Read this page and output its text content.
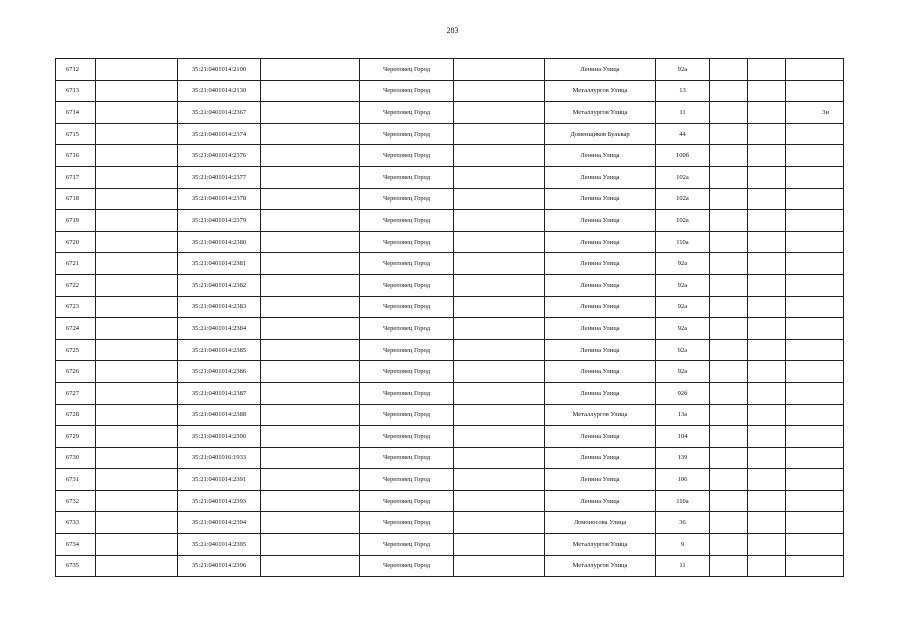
283
6712		35:21:0401014:2100		Череповец Город		Ленина Улица	92а			
6713		35:21:0401014:2130		Череповец Город		Металлургов Улица	13			
6714		35:21:0401014:2367		Череповец Город		Металлургов Улица	11			3н
6715		35:21:0401014:2374		Череповец Город		Доменщиков Бульвар	44			
6716		35:21:0401014:2376		Череповец Город		Ленина Улица	100б			
6717		35:21:0401014:2377		Череповец Город		Ленина Улица	102а			
6718		35:21:0401014:2378		Череповец Город		Ленина Улица	102а			
6719		35:21:0401014:2379		Череповец Город		Ленина Улица	102а			
6720		35:21:0401014:2380		Череповец Город		Ленина Улица	110а			
6721		35:21:0401014:2381		Череповец Город		Ленина Улица	92а			
6722		35:21:0401014:2382		Череповец Город		Ленина Улица	92а			
6723		35:21:0401014:2383		Череповец Город		Ленина Улица	92а			
6724		35:21:0401014:2384		Череповец Город		Ленина Улица	92а			
6725		35:21:0401014:2385		Череповец Город		Ленина Улица	92а			
6726		35:21:0401014:2386		Череповец Город		Ленина Улица	92а			
6727		35:21:0401014:2387		Череповец Город		Ленина Улица	92б			
6728		35:21:0401014:2388		Череповец Город		Металлургов Улица	13а			
6729		35:21:0401014:2390		Череповец Город		Ленина Улица	104			
6730		35:21:0401016:1933		Череповец Город		Ленина Улица	139			
6731		35:21:0401014:2391		Череповец Город		Ленина Улица	106			
6732		35:21:0401014:2393		Череповец Город		Ленина Улица	110а			
6733		35:21:0401014:2394		Череповец Город		Ломоносова Улица	36			
6734		35:21:0401014:2395		Череповец Город		Металлургов Улица	9			
6735		35:21:0401014:2396		Череповец Город		Металлургов Улица	11			
